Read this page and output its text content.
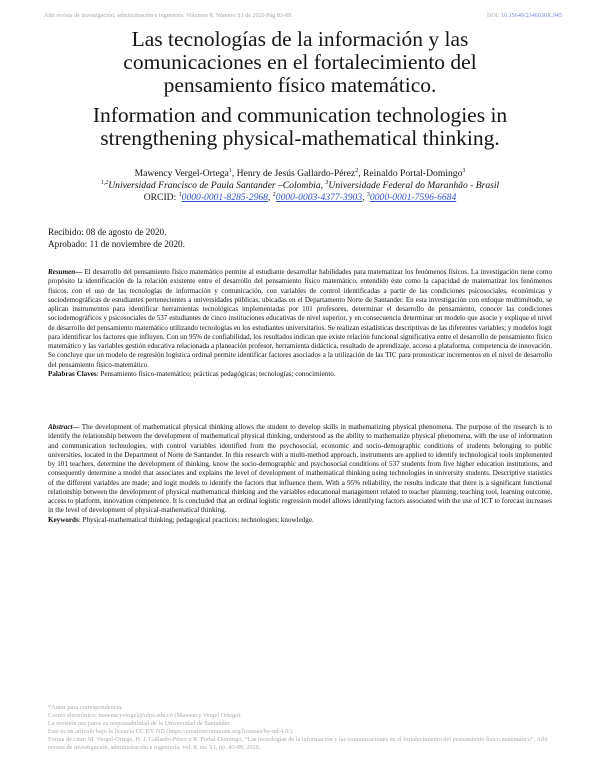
Aibi revista de investigación, administración e ingeniería. Volumen 8, Número S1 de 2020 Pág 83-89.	DOI: 10.15649/2346030X.945
Las tecnologías de la información y las
comunicaciones en el fortalecimiento del
pensamiento físico matemático.
Information and communication technologies in
strengthening physical-mathematical thinking.
Mawency Vergel-Ortega$^1$, Henry de Jesús Gallardo-Pérez$^2$, Reinaldo Portal-Domingo$^3$
$^{1,2}$Universidad Francisco de Paula Santander –Colombia, $^3$Universidade Federal do Maranhão - Brasil
ORCID: $^1$0000-0001-8285-2968, $^2$0000-0003-4377-3903, $^3$0000-0001-7596-6684
Recibido: 08 de agosto de 2020.
Aprobado: 11 de noviembre de 2020.
Resumen— El desarrollo del pensamiento físico matemático permite al estudiante desarrollar habilidades para matematizar los fenómenos físicos. La investigación tiene como propósito la identificación de la relación existente entre el desarrollo del pensamiento físico matemático, entendido éste como la capacidad de matematizar los fenómenos físicos, con el uso de las tecnologías de información y comunicación, con variables de control identificadas a partir de las condiciones psicosociales, económicas y sociodemográficas de estudiantes pertenecientes a universidades públicas, ubicadas en el Departamento Norte de Santander. En esta investigación con enfoque multimétodo, se aplican instrumentos para identificar herramientas tecnológicas implementadas por 101 profesores, determinar el desarrollo de pensamiento, conocer las condiciones sociodemográficos y psicosociales de 537 estudiantes de cinco instituciones educativas de nivel superior, y en consecuencia determinar un modelo que asocie y explique el nivel de desarrollo del pensamiento matemático utilizando tecnologías en los estudiantes universitarios. Se realizan estadísticas descriptivas de las diferentes variables; y modelos logit para identificar los factores que influyen. Con un 95% de confiabilidad, los resultados indican que existe relación funcional significativa entre el desarrollo de pensamiento físico matemático y las variables gestión educativa relacionada a planeación profesor, herramienta didáctica, resultado de aprendizaje, acceso a plataforma, competencia de innovación. Se concluye que un modelo de regresión logística ordinal permite identificar factores asociados a la utilización de las TIC para pronosticar incrementos en el nivel de desarrollo del pensamiento físico-matemático.
Palabras Claves: Pensamiento físico-matemático; prácticas pedagógicas; tecnologías; conocimiento.
Abstract— The development of mathematical physical thinking allows the student to develop skills in mathematizing physical phenomena. The purpose of the research is to identify the relationship between the development of mathematical physical thinking, understood as the ability to mathematize physical phenomena, with the use of information and communication technologies, with control variables identified from the psychosocial, economic and socio-demographic conditions of students belonging to public universities, located in the Department of Norte de Santander. In this research with a multi-method approach, instruments are applied to identify technological tools implemented by 101 teachers, determine the development of thinking, know the socio-demographic and psychosocial conditions of 537 students from five higher education institutions, and consequently determine a model that associates and explains the level of development of mathematical thinking using technologies in university students. Descriptive statistics of the different variables are made; and logit models to identify the factors that influence them. With a 95% reliability, the results indicate that there is a significant functional relationship between the development of physical mathematical thinking and the variables educational management related to teacher planning, teaching tool, learning outcome, access to platform, innovation competence. It is concluded that an ordinal logistic regression model allows identifying factors associated with the use of ICT to forecast increases in the level of development of physical-mathematical thinking.
Keywords: Physical-mathematical thinking; pedagogical practices; technologies; knowledge.
*Autor para correspondencia.
Correo electrónico: mawencyvergel@ufps.edu.co (Mawency Vergel Ortega).
La revisión por pares es responsabilidad de la Universidad de Santander.
Este es un artículo bajo la licencia CC BY-ND (https://creativecommons.org/licenses/by-nd/4.0/).
Forma de citar: M. Vergel-Ortega, H. J. Gallardo-Pérez y R. Portal-Domingo, “Las tecnologías de la información y las comunicaciones en el fortalecimiento del pensamiento físico matemático”, Aibi revista de investigación, administración e ingeniería, vol. 8, no. S1, pp. 83-89, 2020.
